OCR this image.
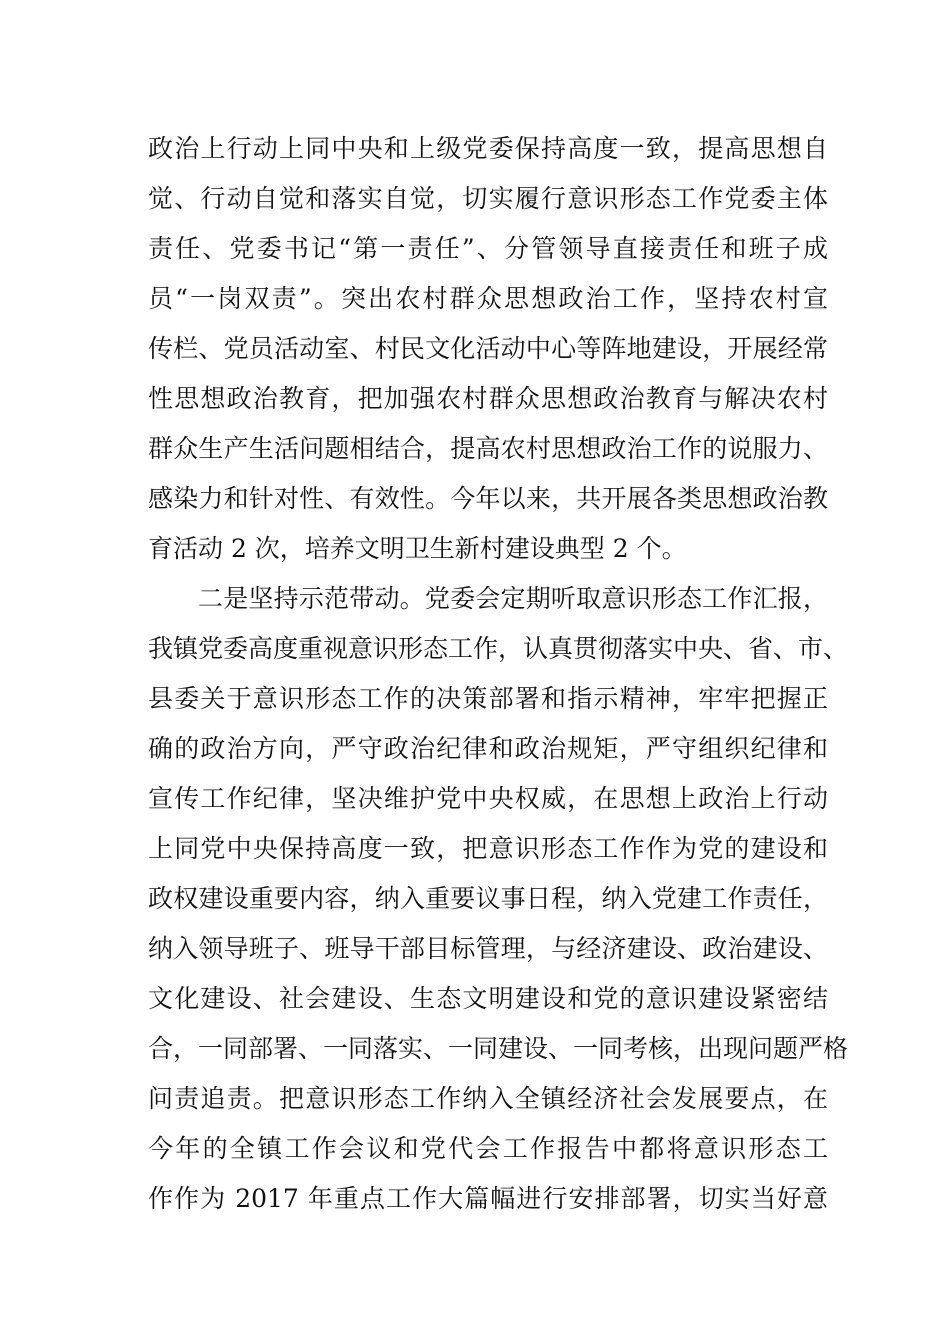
政治上行动上同中央和上级党委保持高度一致，提高思想自
觉、行动自觉和落实自觉，切实履行意识形态工作党委主体
责任、党委书记“第一责任”、分管领导直接责任和班子成
员“一岗双责”。突出农村群众思想政治工作，坚持农村宣
传栏、党员活动室、村民文化活动中心等阵地建设，开展经常
性思想政治教育，把加强农村群众思想政治教育与解决农村
群众生产生活问题相结合，提高农村思想政治工作的说服力、
感染力和针对性、有效性。今年以来，共开展各类思想政治教
育活动 2 次，培养文明卫生新村建设典型 2 个。
二是坚持示范带动。党委会定期听取意识形态工作汇报，
我镇党委高度重视意识形态工作，认真贯彻落实中央、省、市、
县委关于意识形态工作的决策部署和指示精神，牢牢把握正
确的政治方向，严守政治纪律和政治规矩，严守组织纪律和
宣传工作纪律，坚决维护党中央权威，在思想上政治上行动
上同党中央保持高度一致，把意识形态工作作为党的建设和
政权建设重要内容，纳入重要议事日程，纳入党建工作责任，
纳入领导班子、班导干部目标管理，与经济建设、政治建设、
文化建设、社会建设、生态文明建设和党的意识建设紧密结
合，一同部署、一同落实、一同建设、一同考核，出现问题严格
问责追责。把意识形态工作纳入全镇经济社会发展要点，在
今年的全镇工作会议和党代会工作报告中都将意识形态工
作作为 2017 年重点工作大篇幅进行安排部署，切实当好意
